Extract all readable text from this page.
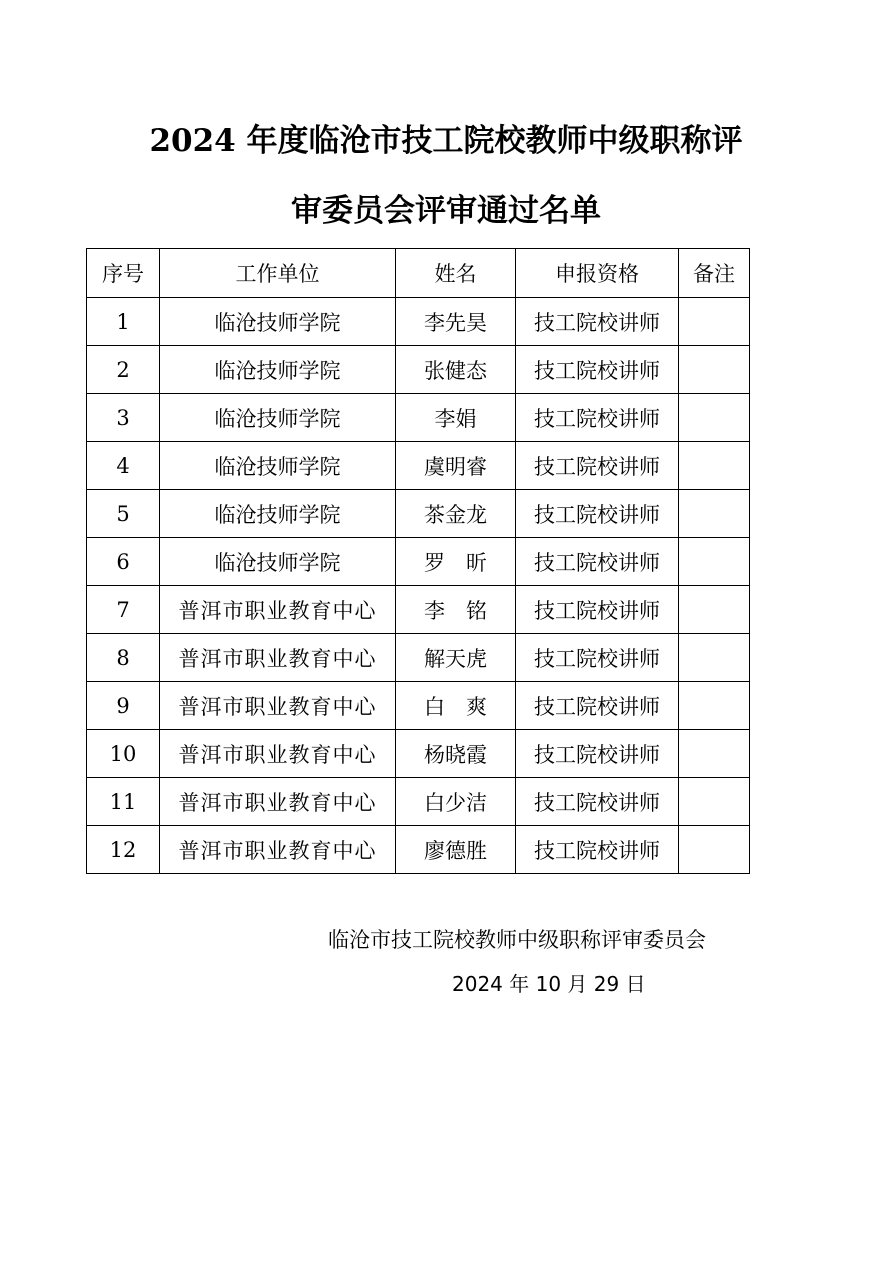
2024 年度临沧市技工院校教师中级职称评
审委员会评审通过名单
序号	工作单位	姓名	申报资格	备注
1	临沧技师学院	李先昊	技工院校讲师	
2	临沧技师学院	张健态	技工院校讲师	
3	临沧技师学院	李娟	技工院校讲师	
4	临沧技师学院	虞明睿	技工院校讲师	
5	临沧技师学院	茶金龙	技工院校讲师	
6	临沧技师学院	罗　昕	技工院校讲师	
7	普洱市职业教育中心	李　铭	技工院校讲师	
8	普洱市职业教育中心	解天虎	技工院校讲师	
9	普洱市职业教育中心	白　爽	技工院校讲师	
10	普洱市职业教育中心	杨晓霞	技工院校讲师	
11	普洱市职业教育中心	白少洁	技工院校讲师	
12	普洱市职业教育中心	廖德胜	技工院校讲师	
临沧市技工院校教师中级职称评审委员会
2024 年 10 月 29 日
